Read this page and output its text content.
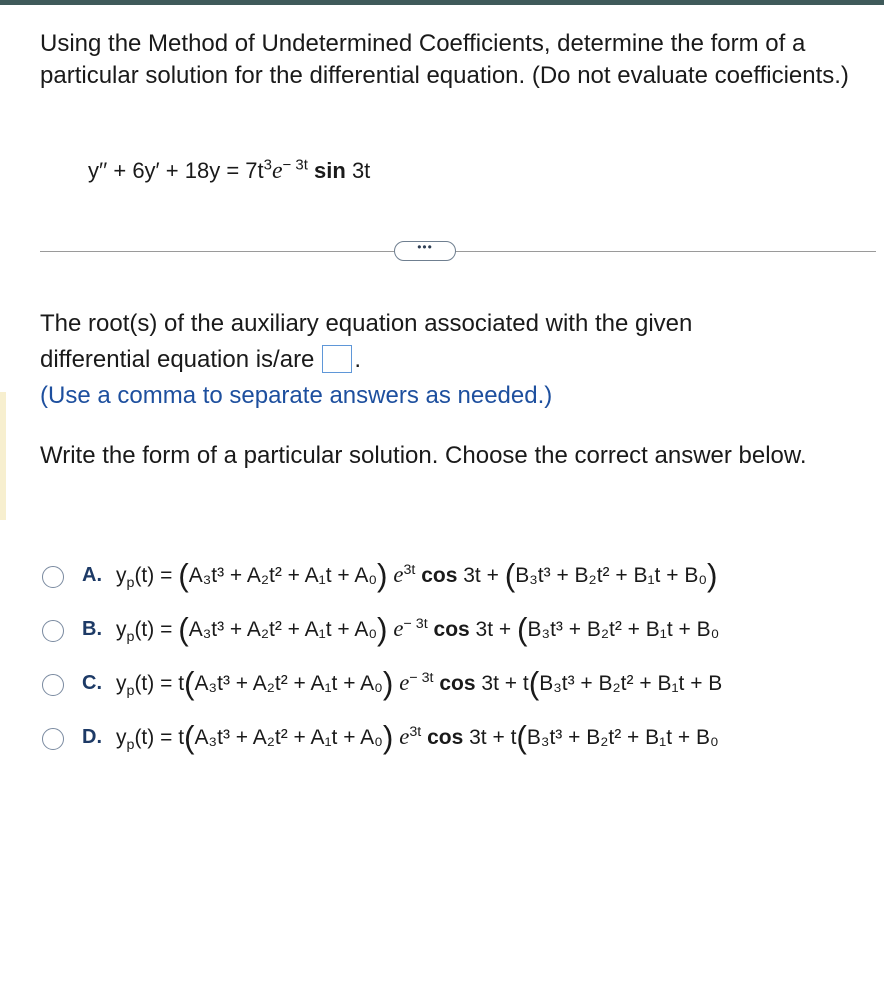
Using the Method of Undetermined Coefficients, determine the form of a particular solution for the differential equation. (Do not evaluate coefficients.)
$y'' + 6y' + 18y = 7t^3e^{- 3t}$ sin 3t
•••
The root(s) of the auxiliary equation associated with the given differential equation is/are .
(Use a comma to separate answers as needed.)
Write the form of a particular solution. Choose the correct answer below.
A. $y_p(t) = (A_3t^3 + A_2t^2 + A_1t + A_0)$ $e^{3t}$ cos 3t + (B₃t³ + B₂t² + B₁t + B₀)
B. $y_p(t) = (A_3t^3 + A_2t^2 + A_1t + A_0)$ $e^{- 3t}$ cos 3t + (B₃t³ + B₂t² + B₁t + B₀
C. $y_p(t) = t(A_3t^3 + A_2t^2 + A_1t + A_0)$ $e^{- 3t}$ cos 3t + t(B₃t³ + B₂t² + B₁t + B
D. $y_p(t) = t(A_3t^3 + A_2t^2 + A_1t + A_0)$ $e^{3t}$ cos 3t + t(B₃t³ + B₂t² + B₁t + B₀
